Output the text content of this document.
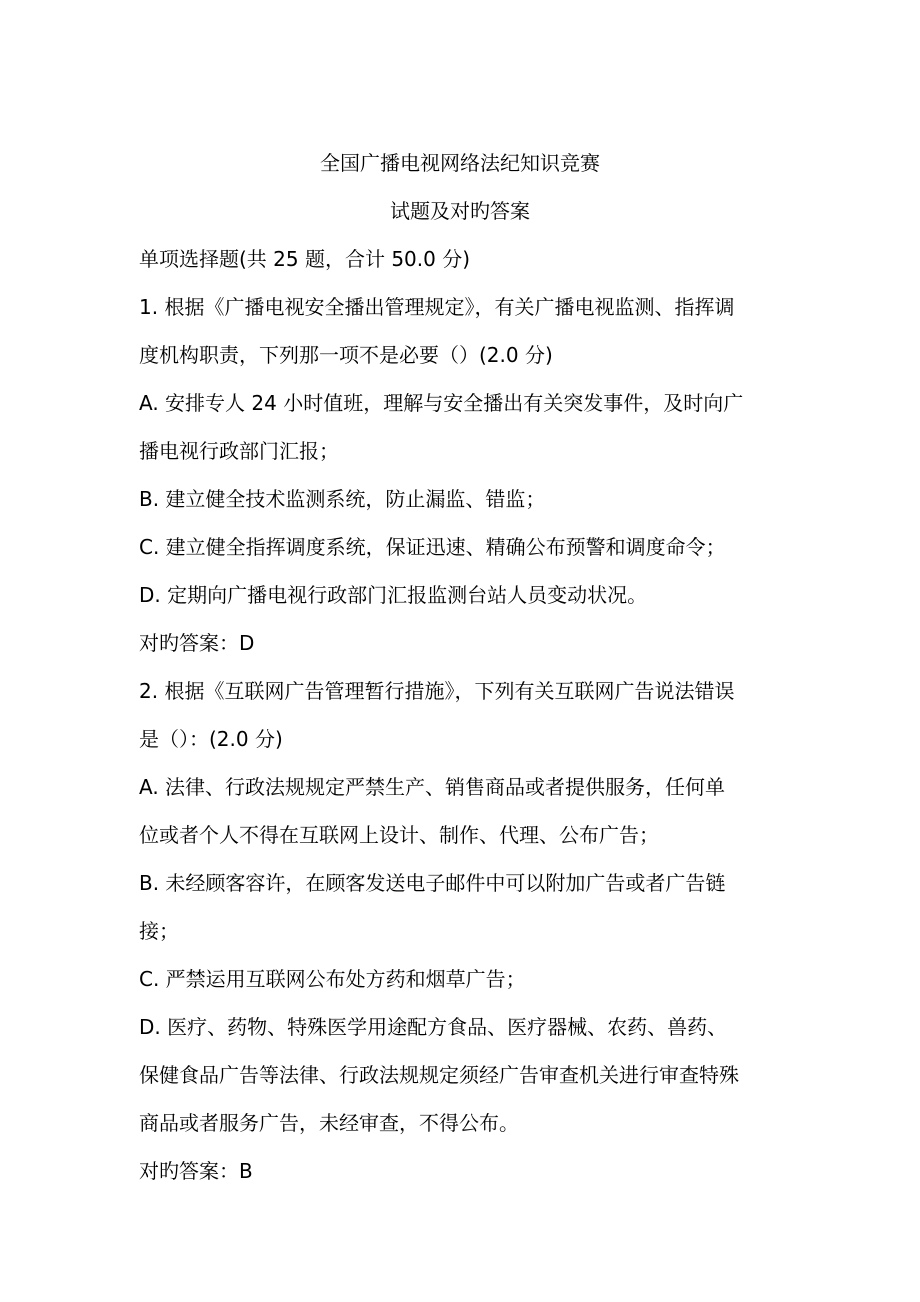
全国广播电视网络法纪知识竞赛
试题及对旳答案
单项选择题(共 25 题，合计 50.0 分)
1. 根据《广播电视安全播出管理规定》，有关广播电视监测、指挥调
度机构职责，下列那一项不是必要（）(2.0 分)
A. 安排专人 24 小时值班，理解与安全播出有关突发事件，及时向广
播电视行政部门汇报；
B. 建立健全技术监测系统，防止漏监、错监；
C. 建立健全指挥调度系统，保证迅速、精确公布预警和调度命令；
D. 定期向广播电视行政部门汇报监测台站人员变动状况。
对旳答案：D
2. 根据《互联网广告管理暂行措施》，下列有关互联网广告说法错误
是（）：(2.0 分)
A. 法律、行政法规规定严禁生产、销售商品或者提供服务，任何单
位或者个人不得在互联网上设计、制作、代理、公布广告；
B. 未经顾客容许，在顾客发送电子邮件中可以附加广告或者广告链
接；
C. 严禁运用互联网公布处方药和烟草广告；
D. 医疗、药物、特殊医学用途配方食品、医疗器械、农药、兽药、
保健食品广告等法律、行政法规规定须经广告审查机关进行审查特殊
商品或者服务广告，未经审查，不得公布。
对旳答案：B
